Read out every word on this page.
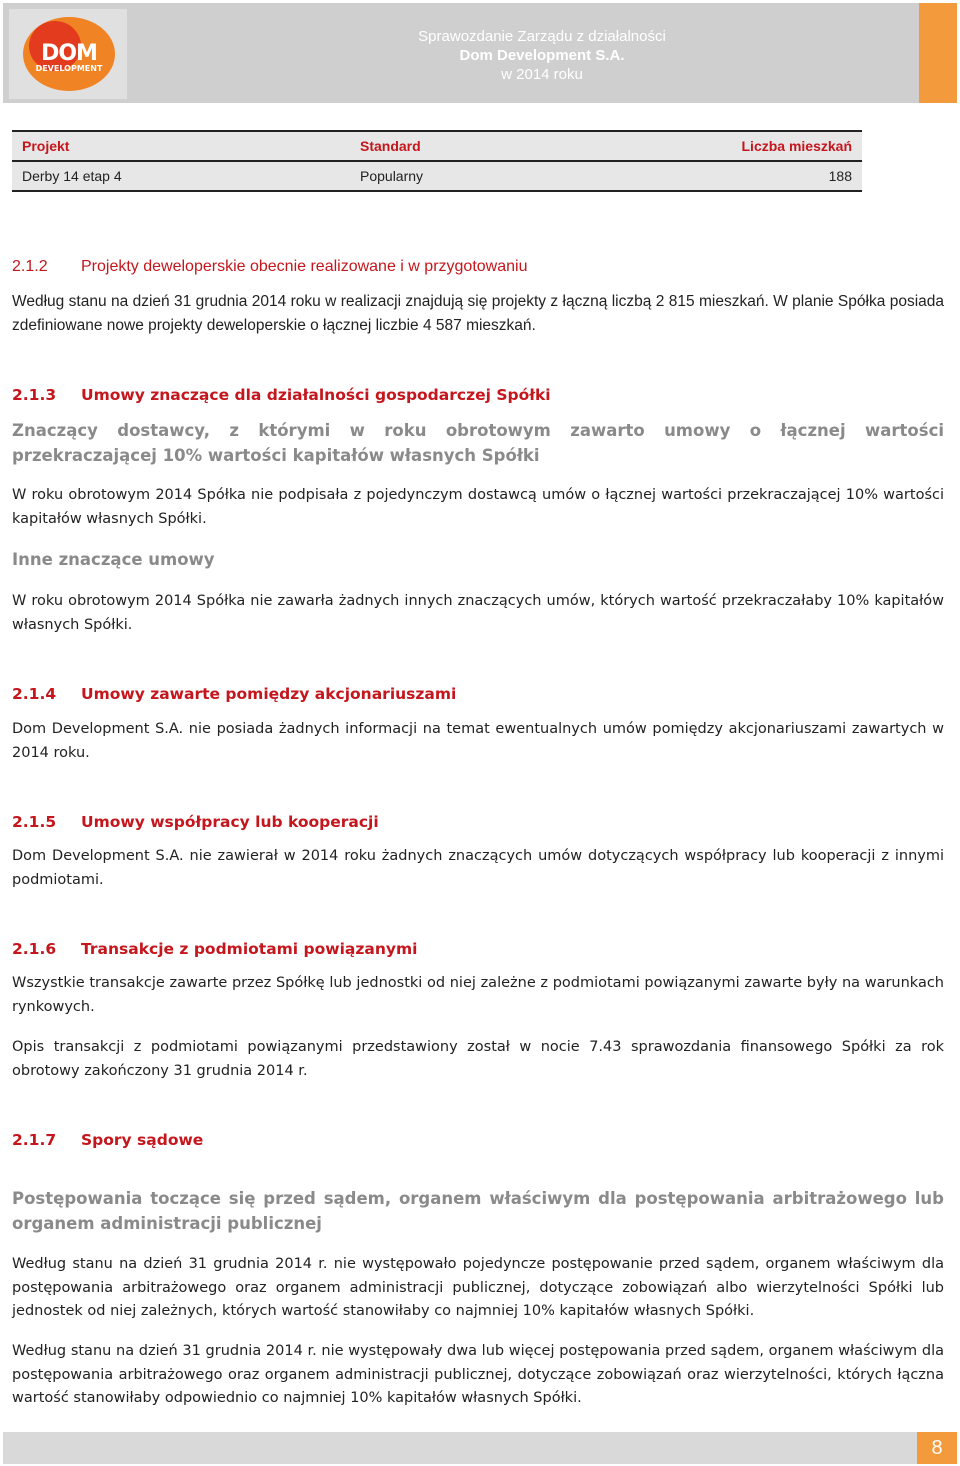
DOM
DEVELOPMENT
Sprawozdanie Zarządu z działalności
Dom Development S.A.
w 2014 roku
Projekt	Standard	Liczba mieszkań
Derby 14 etap 4	Popularny	188
2.1.2 Projekty deweloperskie obecnie realizowane i w przygotowaniu
Według stanu na dzień 31 grudnia 2014 roku w realizacji znajdują się projekty z łączną liczbą 2 815 mieszkań. W planie Spółka posiada zdefiniowane nowe projekty deweloperskie o łącznej liczbie 4 587 mieszkań.
2.1.3 Umowy znaczące dla działalności gospodarczej Spółki
Znaczący dostawcy, z którymi w roku obrotowym zawarto umowy o łącznej wartości przekraczającej 10% wartości kapitałów własnych Spółki
W roku obrotowym 2014 Spółka nie podpisała z pojedynczym dostawcą umów o łącznej wartości przekraczającej 10% wartości kapitałów własnych Spółki.
Inne znaczące umowy
W roku obrotowym 2014 Spółka nie zawarła żadnych innych znaczących umów, których wartość przekraczałaby 10% kapitałów własnych Spółki.
2.1.4 Umowy zawarte pomiędzy akcjonariuszami
Dom Development S.A. nie posiada żadnych informacji na temat ewentualnych umów pomiędzy akcjonariuszami zawartych w 2014 roku.
2.1.5 Umowy współpracy lub kooperacji
Dom Development S.A. nie zawierał w 2014 roku żadnych znaczących umów dotyczących współpracy lub kooperacji z innymi podmiotami.
2.1.6 Transakcje z podmiotami powiązanymi
Wszystkie transakcje zawarte przez Spółkę lub jednostki od niej zależne z podmiotami powiązanymi zawarte były na warunkach rynkowych.
Opis transakcji z podmiotami powiązanymi przedstawiony został w nocie 7.43 sprawozdania finansowego Spółki za rok obrotowy zakończony 31 grudnia 2014 r.
2.1.7 Spory sądowe
Postępowania toczące się przed sądem, organem właściwym dla postępowania arbitrażowego lub organem administracji publicznej
Według stanu na dzień 31 grudnia 2014 r. nie występowało pojedyncze postępowanie przed sądem, organem właściwym dla postępowania arbitrażowego oraz organem administracji publicznej, dotyczące zobowiązań albo wierzytelności Spółki lub jednostek od niej zależnych, których wartość stanowiłaby co najmniej 10% kapitałów własnych Spółki.
Według stanu na dzień 31 grudnia 2014 r. nie występowały dwa lub więcej postępowania przed sądem, organem właściwym dla postępowania arbitrażowego oraz organem administracji publicznej, dotyczące zobowiązań oraz wierzytelności, których łączna wartość stanowiłaby odpowiednio co najmniej 10% kapitałów własnych Spółki.
8
